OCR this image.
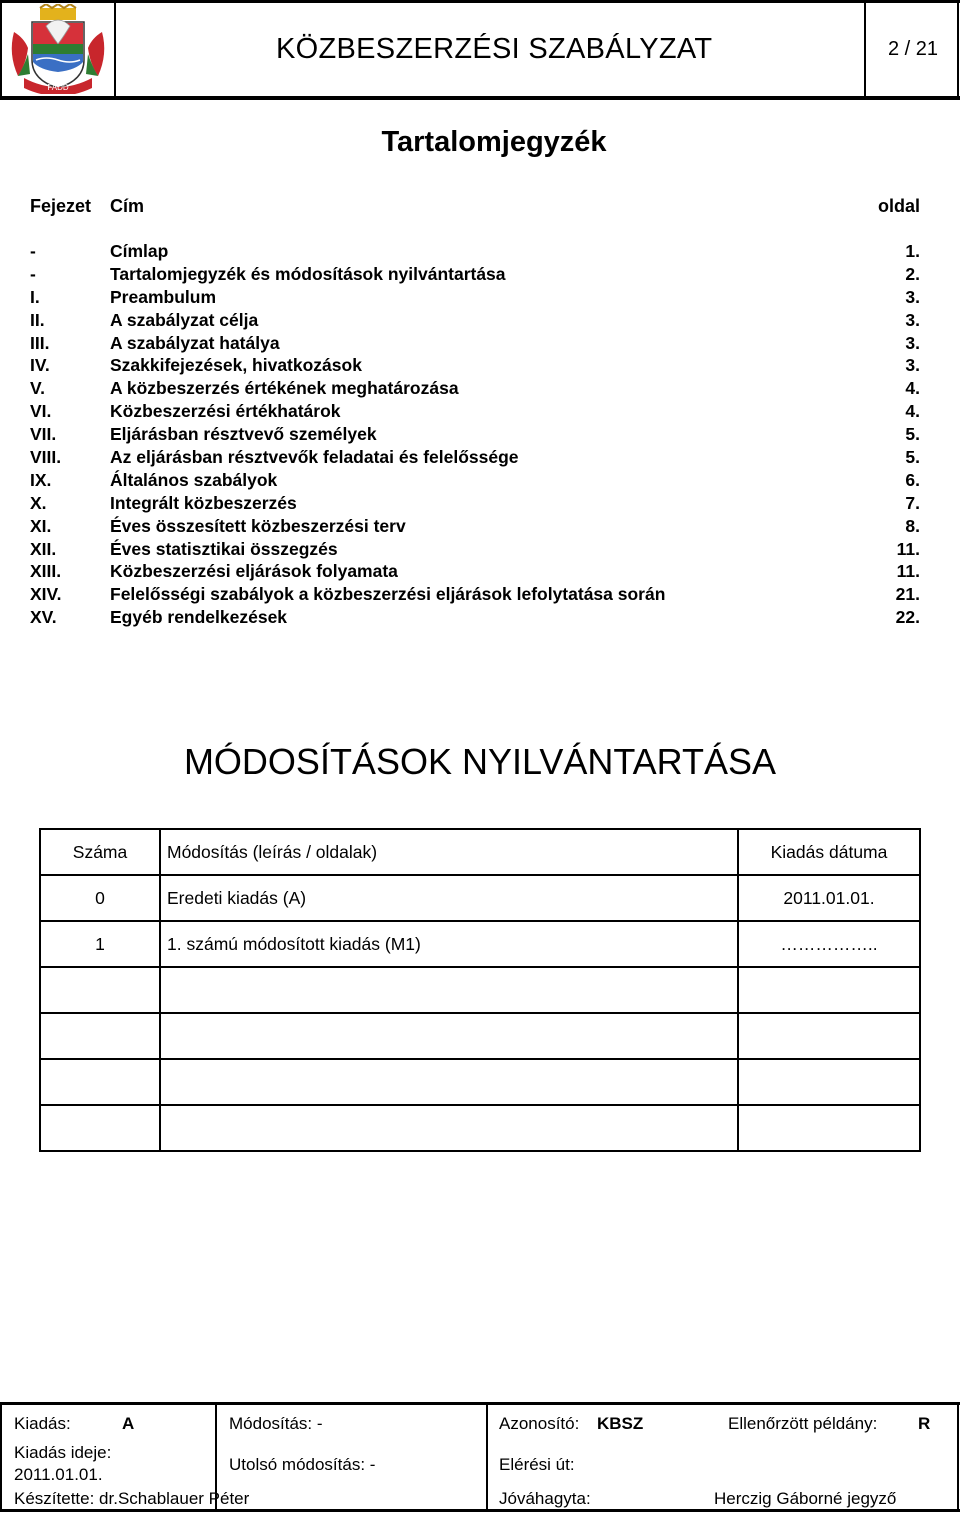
FADD
KÖZBESZERZÉSI SZABÁLYZAT	2 / 21
Tartalomjegyzék
Fejezet Cím	oldal
-	Címlap	1.
-	Tartalomjegyzék és módosítások nyilvántartása	2.
I.	Preambulum	3.
II.	A szabályzat célja	3.
III.	A szabályzat hatálya	3.
IV.	Szakkifejezések, hivatkozások	3.
V.	A közbeszerzés értékének meghatározása	4.
VI.	Közbeszerzési értékhatárok	4.
VII.	Eljárásban résztvevő személyek	5.
VIII.	Az eljárásban résztvevők feladatai és felelőssége	5.
IX.	Általános szabályok	6.
X.	Integrált közbeszerzés	7.
XI.	Éves összesített közbeszerzési terv	8.
XII.	Éves statisztikai összegzés	11.
XIII.	Közbeszerzési eljárások folyamata	11.
XIV.	Felelősségi szabályok a közbeszerzési eljárások lefolytatása során	21.
XV.	Egyéb rendelkezések	22.
MÓDOSÍTÁSOK NYILVÁNTARTÁSA
Száma	Módosítás (leírás / oldalak)	Kiadás dátuma
0	Eredeti kiadás (A)	2011.01.01.
1	1. számú módosított kiadás (M1)	……………..

Kiadás:	A	Módosítás: -	Azonosító: KBSZ	Ellenőrzött példány: R
Kiadás ideje:
2011.01.01.
Utolsó módosítás: -	Elérési út:
Készítette: dr.Schablauer Péter	Jóváhagyta:	Herczig Gáborné jegyző
